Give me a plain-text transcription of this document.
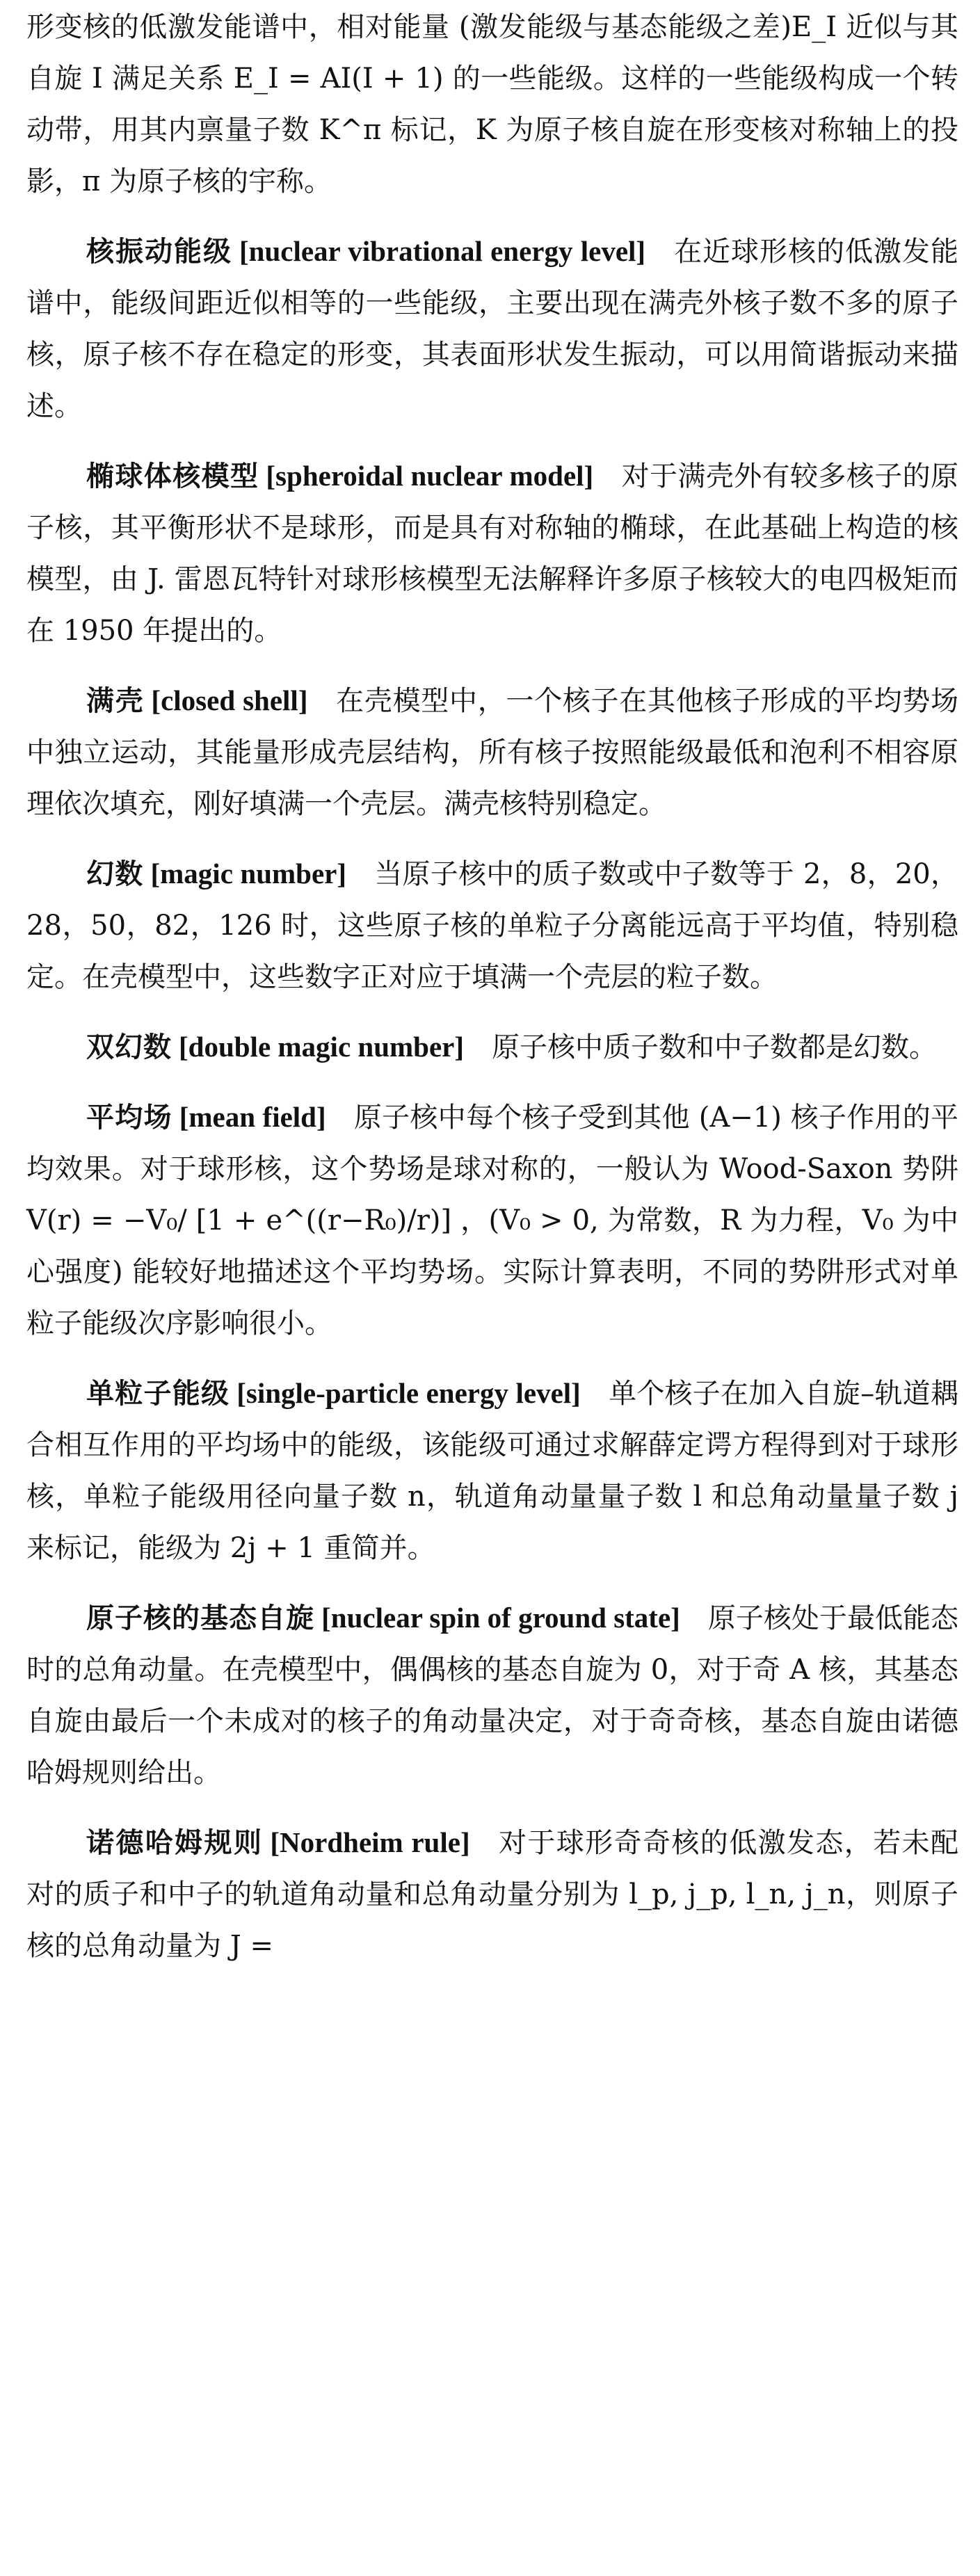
形变核的低激发能谱中，相对能量 (激发能级与基态能级之差)E_I 近似与其自旋 I 满足关系 E_I = AI(I + 1) 的一些能级。这样的一些能级构成一个转动带，用其内禀量子数 K^π 标记，K 为原子核自旋在形变核对称轴上的投影，π 为原子核的宇称。

核振动能级 [nuclear vibrational energy level] 在近球形核的低激发能谱中，能级间距近似相等的一些能级，主要出现在满壳外核子数不多的原子核，原子核不存在稳定的形变，其表面形状发生振动，可以用简谐振动来描述。

椭球体核模型 [spheroidal nuclear model] 对于满壳外有较多核子的原子核，其平衡形状不是球形，而是具有对称轴的椭球，在此基础上构造的核模型，由 J. 雷恩瓦特针对球形核模型无法解释许多原子核较大的电四极矩而在 1950 年提出的。

满壳 [closed shell] 在壳模型中，一个核子在其他核子形成的平均势场中独立运动，其能量形成壳层结构，所有核子按照能级最低和泡利不相容原理依次填充，刚好填满一个壳层。满壳核特别稳定。

幻数 [magic number] 当原子核中的质子数或中子数等于 2，8，20，28，50，82，126 时，这些原子核的单粒子分离能远高于平均值，特别稳定。在壳模型中，这些数字正对应于填满一个壳层的粒子数。

双幻数 [double magic number] 原子核中质子数和中子数都是幻数。

平均场 [mean field] 原子核中每个核子受到其他 (A−1) 核子作用的平均效果。对于球形核，这个势场是球对称的，一般认为 Wood-Saxon 势阱 V(r) = −V₀/ [1 + e^((r−R₀)/r)] ，(V₀ > 0, 为常数，R 为力程，V₀ 为中心强度) 能较好地描述这个平均势场。实际计算表明，不同的势阱形式对单粒子能级次序影响很小。

单粒子能级 [single-particle energy level] 单个核子在加入自旋–轨道耦合相互作用的平均场中的能级，该能级可通过求解薛定谔方程得到对于球形核，单粒子能级用径向量子数 n，轨道角动量量子数 l 和总角动量量子数 j 来标记，能级为 2j + 1 重简并。

原子核的基态自旋 [nuclear spin of ground state] 原子核处于最低能态时的总角动量。在壳模型中，偶偶核的基态自旋为 0，对于奇 A 核，其基态自旋由最后一个未成对的核子的角动量决定，对于奇奇核，基态自旋由诺德哈姆规则给出。

诺德哈姆规则 [Nordheim rule] 对于球形奇奇核的低激发态，若未配对的质子和中子的轨道角动量和总角动量分别为 l_p, j_p, l_n, j_n，则原子核的总角动量为 J =
